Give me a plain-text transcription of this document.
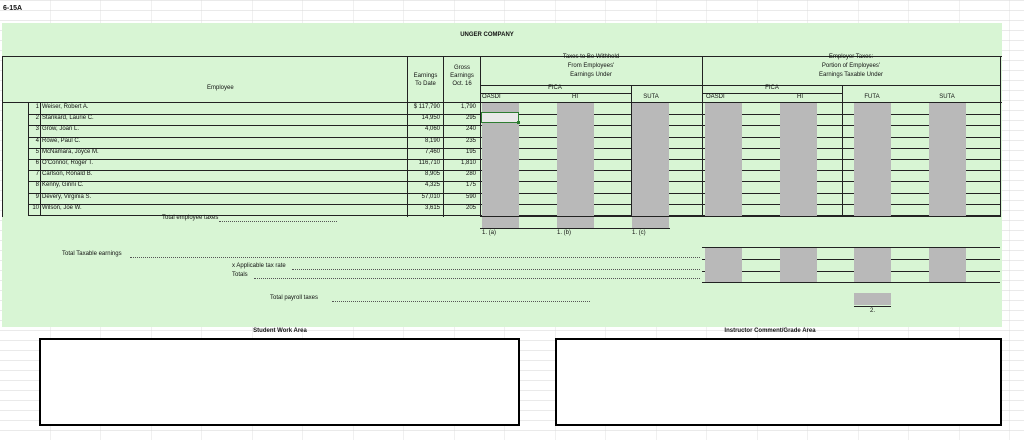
6-15A
UNGER COMPANY
Employee
Earnings
To Date
Gross
Earnings
Oct. 16
Taxes to Be Withheld
From Employees'
Earnings Under
FICA
Employer Taxes:
Portion of Employees'
Earnings Taxable Under
FICA
OASDI	HI	SUTA	OASDI	HI	FUTA	SUTA
1 Weiser, Robert A.	$ 117,790	1,790
2 Stankard, Laurie C.	14,950	295
3 Grow, Joan L.	4,060	240
4 Rowe, Paul C.	8,190	235
5 McNamara, Joyce M.	7,460	195
6 O'Connor, Roger T.	116,710	1,810
7 Carlson, Ronald B.	8,905	280
8 Kenny, Ginni C.	4,325	175
9 Devery, Virginia S.	57,010	590
10 Wilson, Joe W.	3,615	205
Total employee taxes
1. (a)	1. (b)	1. (c)
Total Taxable earnings
x Applicable tax rate
Totals
Total payroll taxes
2.
Student Work Area	Instructor Comment/Grade Area
